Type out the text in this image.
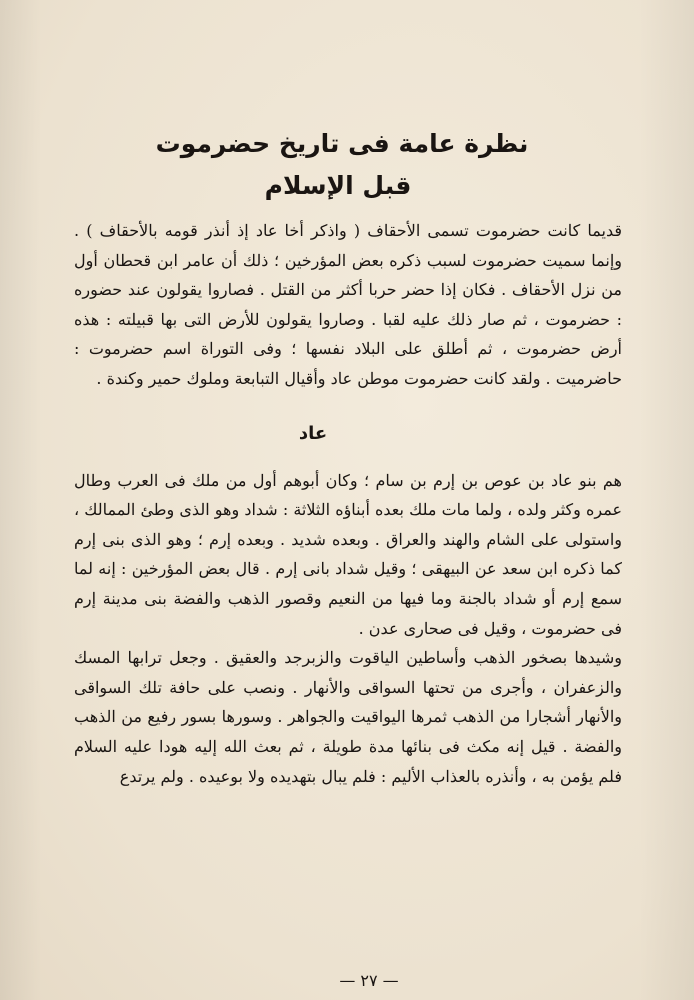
نظرة عامة فى تاريخ حضرموت
قبل الإسلام

قديما كانت حضرموت تسمى الأحقاف ( واذكر أخا عاد إذ أنذر قومه بالأحقاف ) . وإنما سميت حضرموت لسبب ذكره بعض المؤرخين ؛ ذلك أن عامر ابن قحطان أول من نزل الأحقاف . فكان إذا حضر حربا أكثر من القتل . فصاروا يقولون عند حضوره : حضرموت ، ثم صار ذلك عليه لقبا . وصاروا يقولون للأرض التى بها قبيلته : هذه أرض حضرموت ، ثم أطلق على البلاد نفسها ؛ وفى التوراة اسم حضرموت : حاضرميت . ولقد كانت حضرموت موطن عاد وأقيال التبابعة وملوك حمير وكندة .

عاد

هم بنو عاد بن عوص بن إرم بن سام ؛ وكان أبوهم أول من ملك فى العرب وطال عمره وكثر ولده ، ولما مات ملك بعده أبناؤه الثلاثة : شداد وهو الذى وطئ الممالك ، واستولى على الشام والهند والعراق . وبعده شديد . وبعده إرم ؛ وهو الذى بنى إرم كما ذكره ابن سعد عن البيهقى ؛ وقيل شداد بانى إرم . قال بعض المؤرخين : إنه لما سمع إرم أو شداد بالجنة وما فيها من النعيم وقصور الذهب والفضة بنى مدينة إرم فى حضرموت ، وقيل فى صحارى عدن .

وشيدها بصخور الذهب وأساطين الياقوت والزبرجد والعقيق . وجعل ترابها المسك والزعفران ، وأجرى من تحتها السواقى والأنهار . ونصب على حافة تلك السواقى والأنهار أشجارا من الذهب ثمرها اليواقيت والجواهر . وسورها بسور رفيع من الذهب والفضة . قيل إنه مكث فى بنائها مدة طويلة ، ثم بعث الله إليه هودا عليه السلام فلم يؤمن به ، وأنذره بالعذاب الأليم : فلم يبال بتهديده ولا بوعيده . ولم يرتدع

— ٢٧ —
